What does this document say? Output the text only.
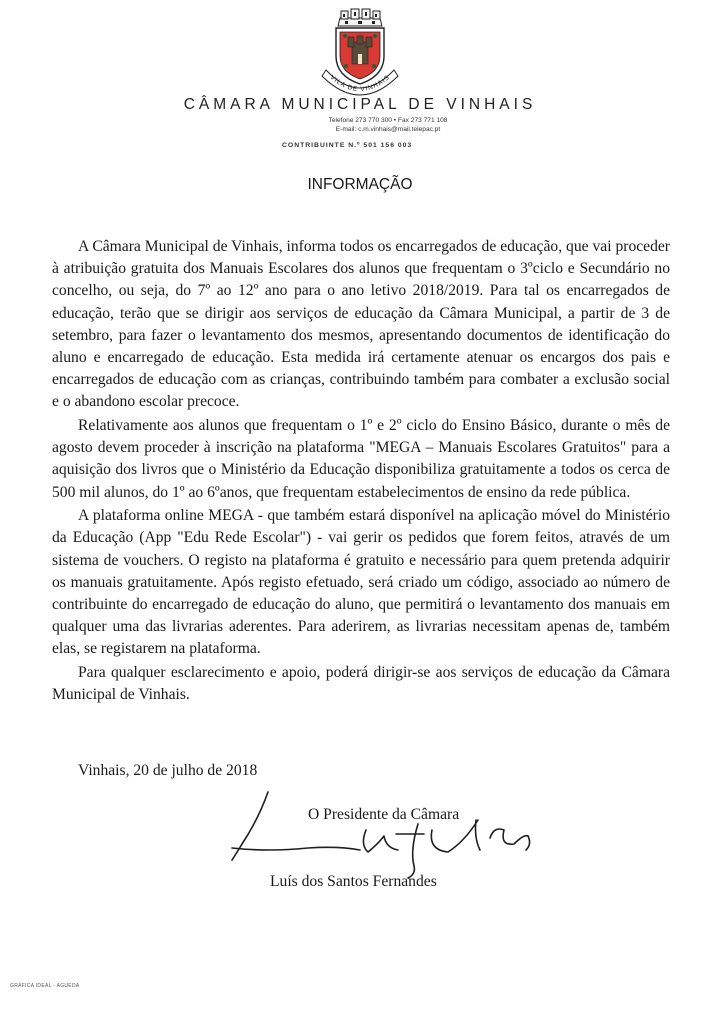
VILA DE VINHAIS
CÂMARA MUNICIPAL DE VINHAIS
Telefone 273 770 300 • Fax 273 771 108
E-mail: c.m.vinhais@mail.telepac.pt
CONTRIBUINTE N.º 501 156 003
INFORMAÇÃO

A Câmara Municipal de Vinhais, informa todos os encarregados de educação, que vai proceder à atribuição gratuita dos Manuais Escolares dos alunos que frequentam o 3ºciclo e Secundário no concelho, ou seja, do 7º ao 12º ano para o ano letivo 2018/2019. Para tal os encarregados de educação, terão que se dirigir aos serviços de educação da Câmara Municipal, a partir de 3 de setembro, para fazer o levantamento dos mesmos, apresentando documentos de identificação do aluno e encarregado de educação. Esta medida irá certamente atenuar os encargos dos pais e encarregados de educação com as crianças, contribuindo também para combater a exclusão social e o abandono escolar precoce.

Relativamente aos alunos que frequentam o 1º e 2º ciclo do Ensino Básico, durante o mês de agosto devem proceder à inscrição na plataforma "MEGA – Manuais Escolares Gratuitos" para a aquisição dos livros que o Ministério da Educação disponibiliza gratuitamente a todos os cerca de 500 mil alunos, do 1º ao 6ºanos, que frequentam estabelecimentos de ensino da rede pública.

A plataforma online MEGA - que também estará disponível na aplicação móvel do Ministério da Educação (App "Edu Rede Escolar") - vai gerir os pedidos que forem feitos, através de um sistema de vouchers. O registo na plataforma é gratuito e necessário para quem pretenda adquirir os manuais gratuitamente. Após registo efetuado, será criado um código, associado ao número de contribuinte do encarregado de educação do aluno, que permitirá o levantamento dos manuais em qualquer uma das livrarias aderentes. Para aderirem, as livrarias necessitam apenas de, também elas, se registarem na plataforma.

Para qualquer esclarecimento e apoio, poderá dirigir-se aos serviços de educação da Câmara Municipal de Vinhais.

Vinhais, 20 de julho de 2018
O Presidente da Câmara
Luís dos Santos Fernandes
GRÁFICA IDEAL - AGUEDA
